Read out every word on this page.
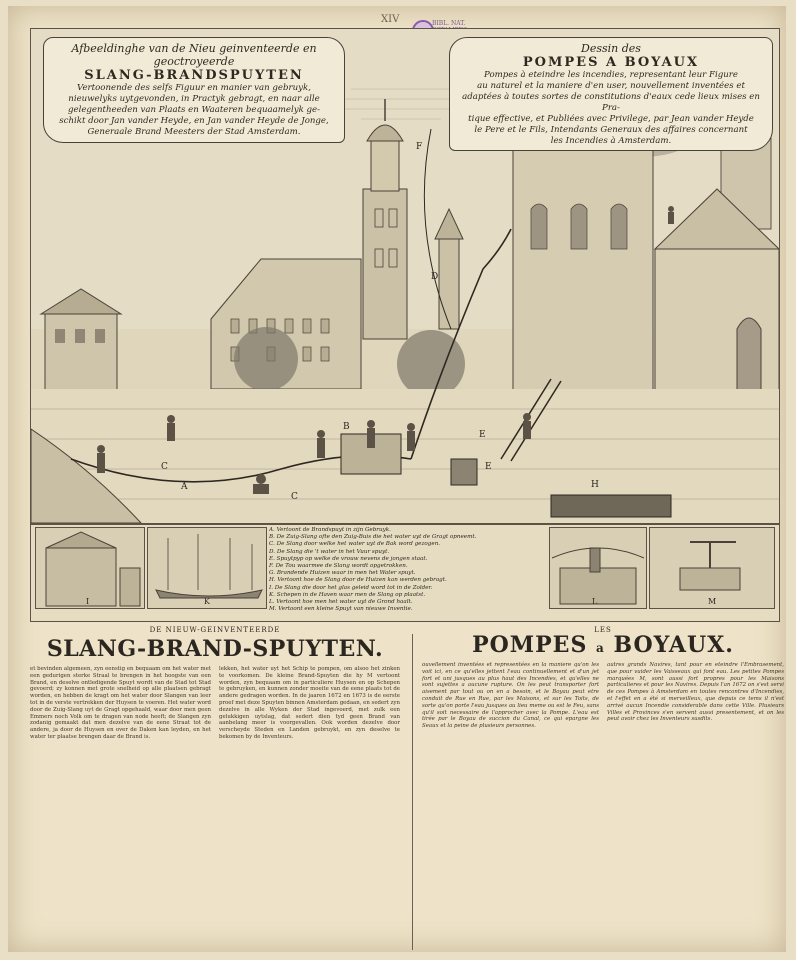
XIV	BIBL. NAT.
A
B
C
D
E
F
H
C
E
Afbeeldinghe van de Nieu geinventeerde en geoctroyeerde
SLANG-BRANDSPUYTEN
Vertoonende des selfs Figuur en manier van gebruyk,
nieuwelyks uytgevonden, in Practyk gebragt, en naar alle
gelegentheeden van Plaats en Waateren bequaamelyk ge-
schikt door Jan vander Heyde, en Jan vander Heyde de Jonge,
Generaale Brand Meesters der Stad Amsterdam.
Dessin des
POMPES A BOYAUX
Pompes à eteindre les incendies, representant leur Figure
au naturel et la maniere d'en user, nouvellement inventées et
adaptées à toutes sortes de constitutions d'eaux cede lieux mises en Pra-
tique effective, et Publiées avec Privilege, par Jean vander Heyde
le Pere et le Fils, Intendants Generaux des affaires concernant
les Incendies à Amsterdam.
I	K
A. Vertoont de Brandspuyt in zijn Gebruyk.
B. De Zuig-Slang ofte den Zuig-Buis die het water uyt de Gragt opneemt.
C. De Slang door welke het water uyt de Bak word gezogen.
D. De Slang die 't water in het Vuur spuyt.
E. Spuytpyp op welke de vrouw nevens de jongen staat.
F. De Tou waarmee de Slang wordt opgetrokken.
G. Brandende Huizen waar in men het Water spuyt.
H. Vertoont hoe de Slang door de Huizen kan werden gebragt.
I. De Slang die door het glas geleid word tot in de Zolder.
K. Schepen in de Haven waar men de Slang op plaatst.
L. Vertoont hoe men het water uyt de Grond haalt.
M. Vertoont een kleine Spuyt van nieuwe Inventie.
L	M
DE NIEUW-GEINVENTEERDE
SLANG-BRAND-SPUYTEN.

et bevinden algemeen, zyn eenstig en bequaam om het water met een gedurigen sterke Straal te brengen in het hoogste van een Brand, en deselve ontledigende Spuyt wordt van de Stad tot Stad gevoerd; zy konnen met grote snelheid op alle plaatsen gebragt worden, en hebben de kragt om het water door Slangen van leer tot in de verste vertrekken der Huysen te voeren. Het water word door de Zuig-Slang uyt de Gragt opgehaald, waar door men geen Emmers noch Volk om te dragen van node heeft; de Slangen zyn zodanig gemaakt dat men dezelve van de eene Straat tot de andere, ja door de Huysen en over de Daken kan leyden, en het water ter plaatse brengen daar de Brand is.

lekken, het water uyt het Schip te pompen, om alsoo het zinken te voorkomen. De kleine Brand-Spuyten die hy M vertoont worden, zyn bequaam om in particuliere Huysen en op Schepen te gebruyken, en kunnen zonder moeite van de eene plaats tot de andere gedragen worden. In de jaaren 1672 en 1673 is de eerste proef met deze Spuyten binnen Amsterdam gedaan, en sedert zyn dezelve in alle Wyken der Stad ingevoerd, met zulk een gelukkigen uytslag, dat sedert dien tyd geen Brand van aanbelang meer is voorgevallen. Ook worden dezelve door verscheyde Steden en Landen gebruykt, en zyn deselve te bekomen by de Inventeurs.

LES
POMPES a BOYAUX.

ouvellement inventées et representées en la maniere qu'on les voit ici, en ce qu'elles jettent l'eau continuellement et d'un jet fort et uni jusques au plus haut des Incendies, et qu'elles ne sont sujettes a aucune rupture. On les peut transporter fort aisement par tout ou on en a besoin, et le Boyau peut etre conduit de Rue en Rue, par les Maisons, et sur les Toits, de sorte qu'on porte l'eau jusques au lieu meme ou est le Feu, sans qu'il soit necessaire de l'approcher avec la Pompe. L'eau est tirée par le Boyau de succion du Canal, ce qui epargne les Seaux et la peine de plusieurs personnes.

autres grands Navires, tant pour en eteindre l'Embrasement, que pour vuider les Vaisseaux qui font eau. Les petites Pompes marquées M, sont aussi fort propres pour les Maisons particulieres et pour les Navires. Depuis l'an 1672 on s'est servi de ces Pompes à Amsterdam en toutes rencontres d'Incendies, et l'effet en a été si merveilleux, que depuis ce tems il n'est arrivé aucun Incendie considerable dans cette Ville. Plusieurs Villes et Provinces s'en servent aussi presentement, et on les peut avoir chez les Inventeurs susdits.
